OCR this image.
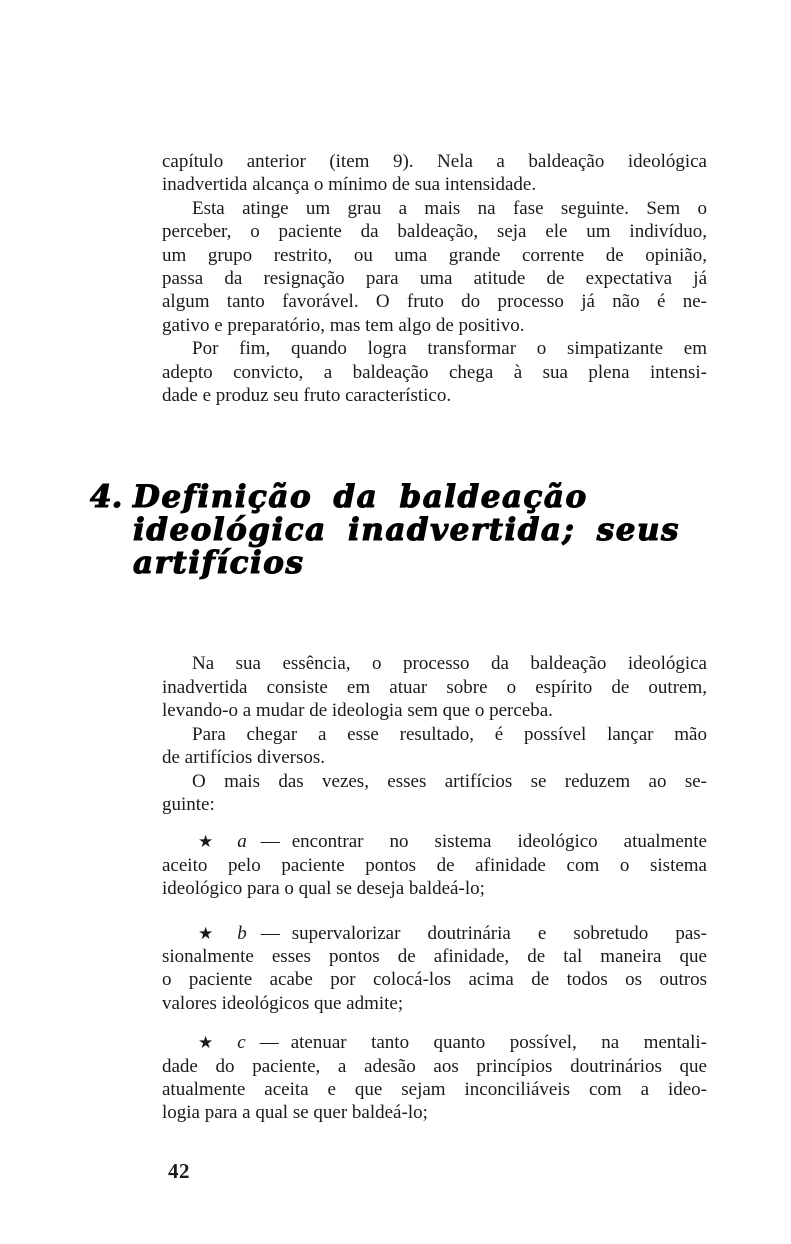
capítulo anterior (item 9). Nela a baldeação ideológica
inadvertida alcança o mínimo de sua intensidade.
Esta atinge um grau a mais na fase seguinte. Sem o
perceber, o paciente da baldeação, seja ele um indivíduo,
um grupo restrito, ou uma grande corrente de opinião,
passa da resignação para uma atitude de expectativa já
algum tanto favorável. O fruto do processo já não é ne-
gativo e preparatório, mas tem algo de positivo.
Por fim, quando logra transformar o simpatizante em
adepto convicto, a baldeação chega à sua plena intensi-
dade e produz seu fruto característico.
4. Definição da baldeação ideológica inadvertida; seus artifícios
Na sua essência, o processo da baldeação ideológica
inadvertida consiste em atuar sobre o espírito de outrem,
levando-o a mudar de ideologia sem que o perceba.
Para chegar a esse resultado, é possível lançar mão
de artifícios diversos.
O mais das vezes, esses artifícios se reduzem ao se-
guinte:
★ a — encontrar no sistema ideológico atualmente
aceito pelo paciente pontos de afinidade com o sistema
ideológico para o qual se deseja baldeá-lo;
★ b — supervalorizar doutrinária e sobretudo pas-
sionalmente esses pontos de afinidade, de tal maneira que
o paciente acabe por colocá-los acima de todos os outros
valores ideológicos que admite;
★ c — atenuar tanto quanto possível, na mentali-
dade do paciente, a adesão aos princípios doutrinários que
atualmente aceita e que sejam inconciliáveis com a ideo-
logia para a qual se quer baldeá-lo;
42
